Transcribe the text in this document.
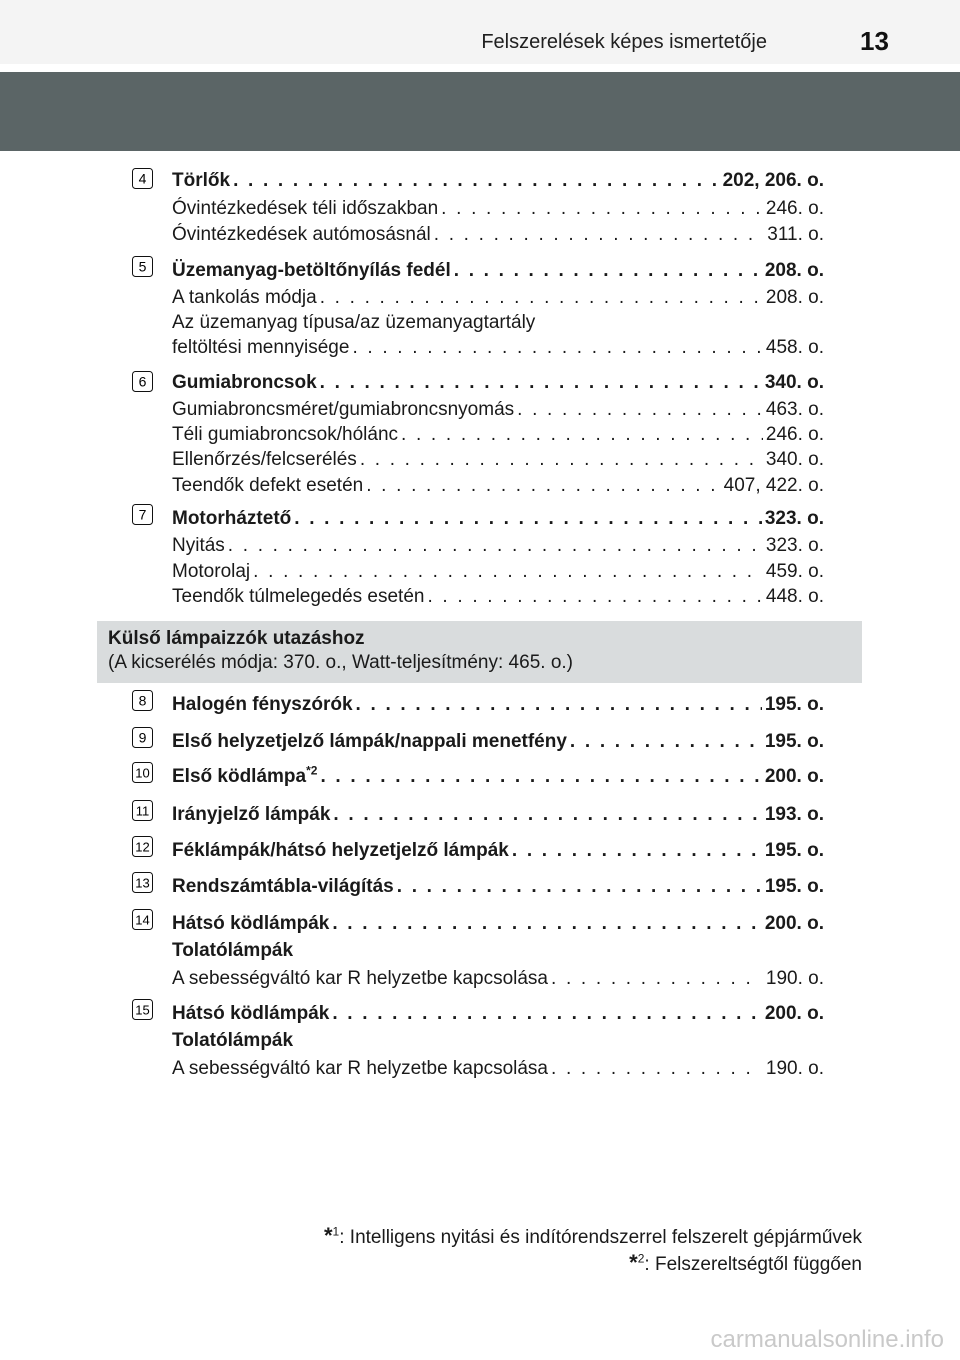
Felszerelések képes ismertetője	13
4 Törlők . . .	202, 206. o.
Óvintézkedések téli időszakban . . .	246. o.
Óvintézkedések autómosásnál . . .	311. o.
5 Üzemanyag-betöltőnyílás fedél . . .	208. o.
A tankolás módja . . .	208. o.
Az üzemanyag típusa/az üzemanyagtartály
feltöltési mennyisége . . .	458. o.
6 Gumiabroncsok . . .	340. o.
Gumiabroncsméret/gumiabroncsnyomás . . .	463. o.
Téli gumiabroncsok/hólánc . . .	246. o.
Ellenőrzés/felcserélés . . .	340. o.
Teendők defekt esetén . . .	407, 422. o.
7 Motorháztető . . .	323. o.
Nyitás . . .	323. o.
Motorolaj . . .	459. o.
Teendők túlmelegedés esetén . . .	448. o.
Külső lámpaizzók utazáshoz
(A kicserélés módja: 370. o., Watt-teljesítmény: 465. o.)
8 Halogén fényszórók . . .	195. o.
9 Első helyzetjelző lámpák/nappali menetfény . . .	195. o.
10 Első ködlámpa$^{*2}$ . . .	200. o.
11 Irányjelző lámpák . . .	193. o.
12 Féklámpák/hátsó helyzetjelző lámpák . . .	195. o.
13 Rendszámtábla-világítás . . .	195. o.
14 Hátsó ködlámpák . . .	200. o.
Tolatólámpák
A sebességváltó kar R helyzetbe kapcsolása . . .	190. o.
15 Hátsó ködlámpák . . .	200. o.
Tolatólámpák
A sebességváltó kar R helyzetbe kapcsolása . . .	190. o.
*$^1$: Intelligens nyitási és indítórendszerrel felszerelt gépjárművek
*$^2$: Felszereltségtől függően
carmanualsonline.info
